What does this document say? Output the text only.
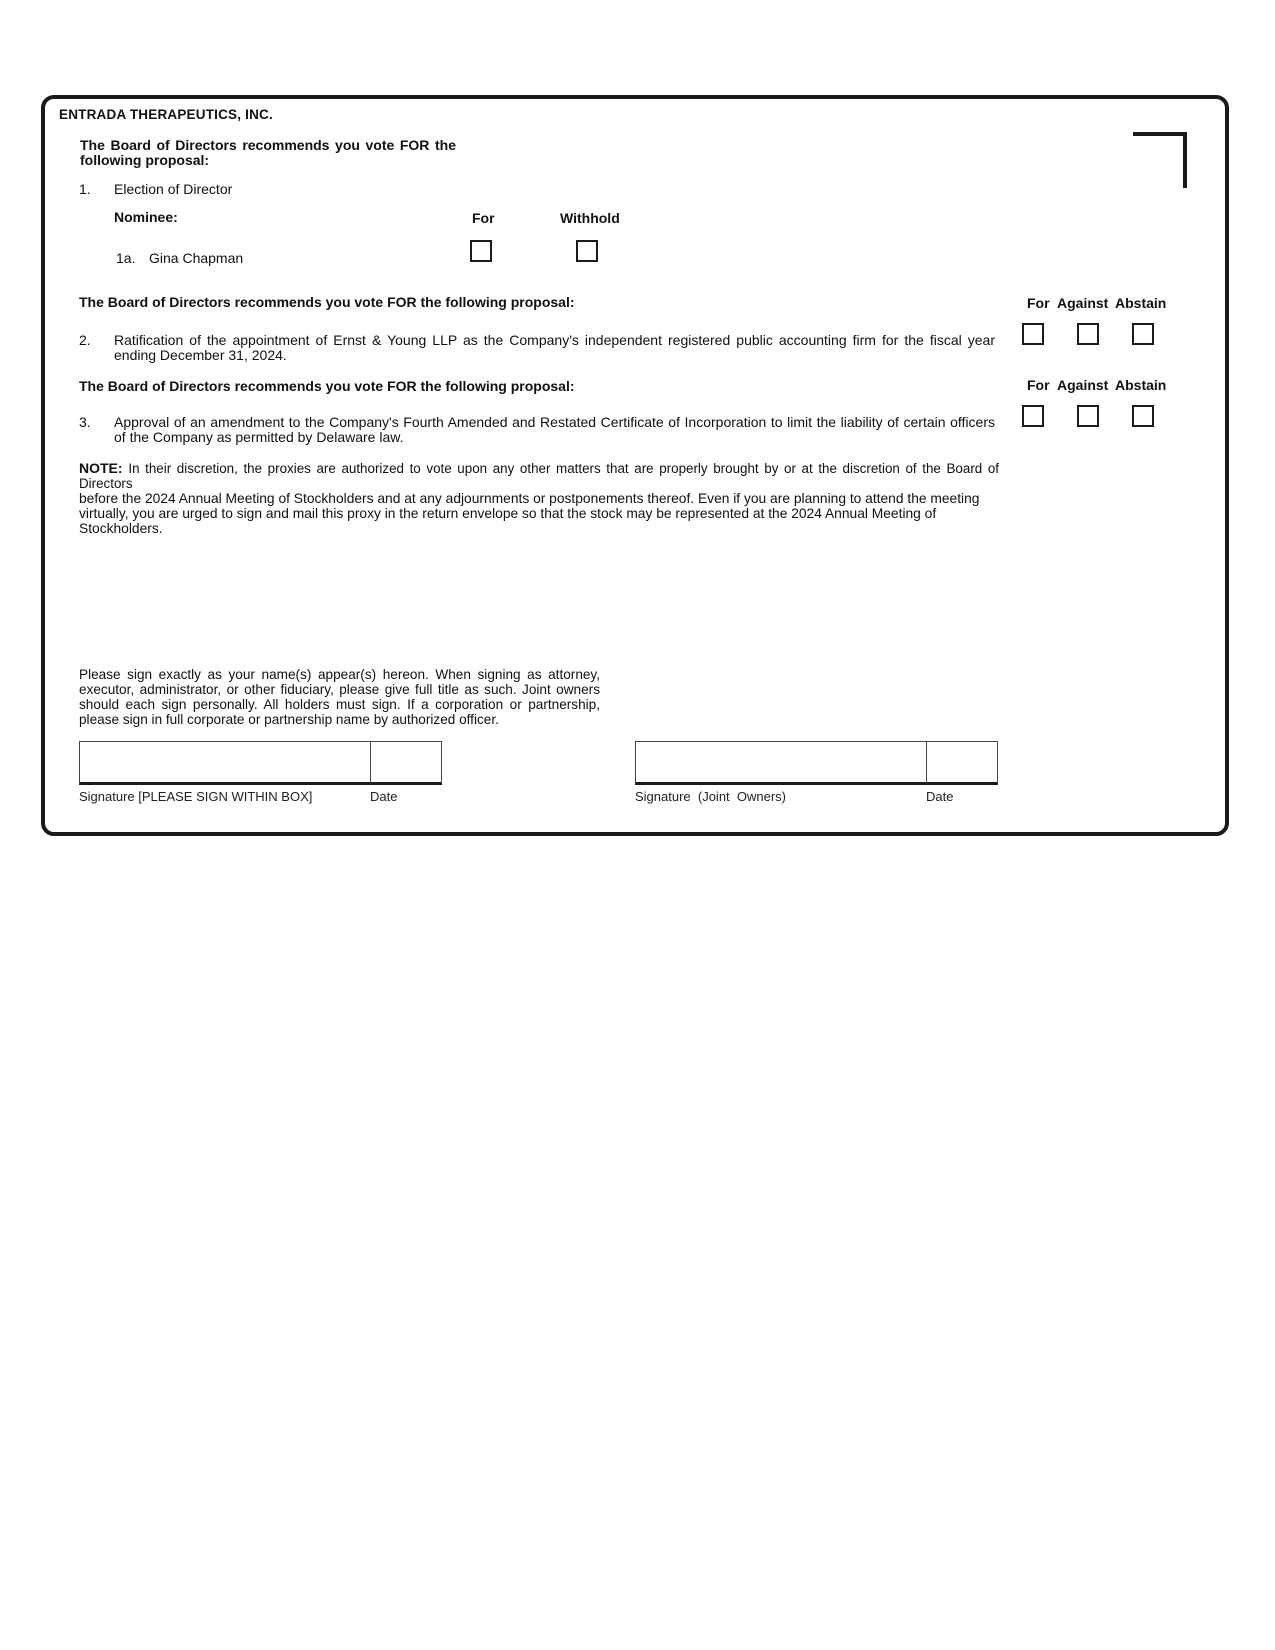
ENTRADA THERAPEUTICS, INC.
The Board of Directors recommends you vote FOR the following proposal:
1. Election of Director
Nominee:	For	Withhold
1a. Gina Chapman
The Board of Directors recommends you vote FOR the following proposal:	For Against Abstain
2. Ratification of the appointment of Ernst & Young LLP as the Company's independent registered public accounting firm for the fiscal year ending December 31, 2024.
The Board of Directors recommends you vote FOR the following proposal:	For Against Abstain
3. Approval of an amendment to the Company's Fourth Amended and Restated Certificate of Incorporation to limit the liability of certain officers of the Company as permitted by Delaware law.
NOTE: In their discretion, the proxies are authorized to vote upon any other matters that are properly brought by or at the discretion of the Board of Directors
before the 2024 Annual Meeting of Stockholders and at any adjournments or postponements thereof. Even if you are planning to attend the meeting virtually, you are urged to sign and mail this proxy in the return envelope so that the stock may be represented at the 2024 Annual Meeting of Stockholders.
Please sign exactly as your name(s) appear(s) hereon. When signing as attorney, executor, administrator, or other fiduciary, please give full title as such. Joint owners should each sign personally. All holders must sign. If a corporation or partnership, please sign in full corporate or partnership name by authorized officer.
Signature [PLEASE SIGN WITHIN BOX]	Date	Signature  (Joint  Owners)	Date
